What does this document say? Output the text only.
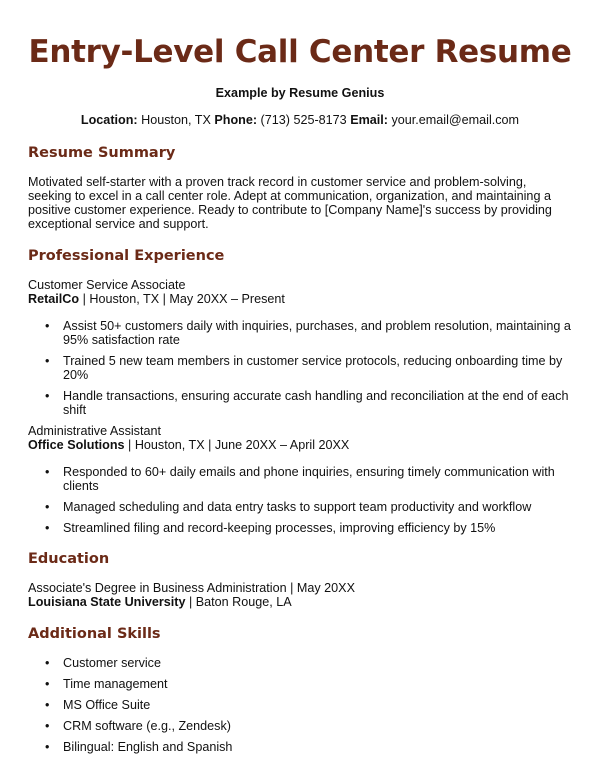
Entry-Level Call Center Resume
Example by Resume Genius
Location: Houston, TX Phone: (713) 525-8173 Email: your.email@email.com
Resume Summary
Motivated self-starter with a proven track record in customer service and problem-solving, seeking to excel in a call center role. Adept at communication, organization, and maintaining a positive customer experience. Ready to contribute to [Company Name]'s success by providing exceptional service and support.
Professional Experience
Customer Service Associate
RetailCo | Houston, TX | May 20XX – Present
• Assist 50+ customers daily with inquiries, purchases, and problem resolution, maintaining a 95% satisfaction rate
• Trained 5 new team members in customer service protocols, reducing onboarding time by 20%
• Handle transactions, ensuring accurate cash handling and reconciliation at the end of each shift
Administrative Assistant
Office Solutions | Houston, TX | June 20XX – April 20XX
• Responded to 60+ daily emails and phone inquiries, ensuring timely communication with clients
• Managed scheduling and data entry tasks to support team productivity and workflow
• Streamlined filing and record-keeping processes, improving efficiency by 15%
Education
Associate's Degree in Business Administration | May 20XX
Louisiana State University | Baton Rouge, LA
Additional Skills
• Customer service
• Time management
• MS Office Suite
• CRM software (e.g., Zendesk)
• Bilingual: English and Spanish
